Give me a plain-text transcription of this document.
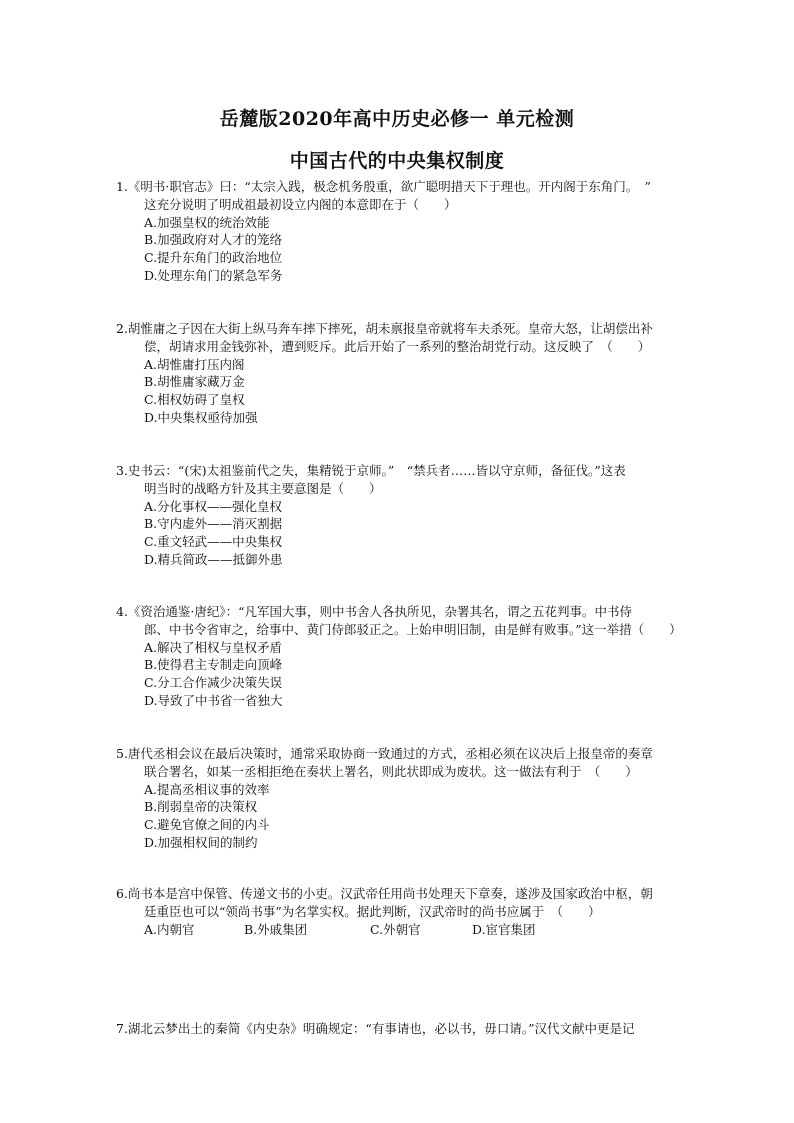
岳麓版2020年高中历史必修一 单元检测
中国古代的中央集权制度
1.《明书·职官志》曰：“太宗入践，极念机务殷重，欲广聪明措天下于理也。开内阁于东角门。　”
这充分说明了明成祖最初设立内阁的本意即在于（　　）
A.加强皇权的统治效能
B.加强政府对人才的笼络
C.提升东角门的政治地位
D.处理东角门的紧急军务
2.胡惟庸之子因在大街上纵马奔车摔下摔死，胡未禀报皇帝就将车夫杀死。皇帝大怒，让胡偿出补
偿，胡请求用金钱弥补，遭到贬斥。此后开始了一系列的整治胡党行动。这反映了　（　　）
A.胡惟庸打压内阁
B.胡惟庸家藏万金
C.相权妨碍了皇权
D.中央集权亟待加强
3.史书云：“(宋)太祖鉴前代之失，集精锐于京师。”　“禁兵者……皆以守京师，备征伐。”这表
明当时的战略方针及其主要意图是（　　）
A.分化事权——强化皇权
B.守内虚外——消灭割据
C.重文轻武——中央集权
D.精兵简政——抵御外患
4.《资治通鉴·唐纪》：“凡军国大事，则中书舍人各执所见，杂署其名，谓之五花判事。中书侍
郎、中书令省审之，给事中、黄门侍郎驳正之。上始申明旧制，由是鲜有败事。”这一举措（　　）
A.解决了相权与皇权矛盾
B.使得君主专制走向顶峰
C.分工合作减少决策失误
D.导致了中书省一省独大
5.唐代丞相会议在最后决策时，通常采取协商一致通过的方式，丞相必须在议决后上报皇帝的奏章
联合署名，如某一丞相拒绝在奏状上署名，则此状即成为废状。这一做法有利于　（　　）
A.提高丞相议事的效率
B.削弱皇帝的决策权
C.避免官僚之间的内斗
D.加强相权间的制约
6.尚书本是宫中保管、传递文书的小吏。汉武帝任用尚书处理天下章奏，遂涉及国家政治中枢，朝
廷重臣也可以“领尚书事”为名掌实权。据此判断，汉武帝时的尚书应属于　（　　）
A.内朝官	B.外戚集团	C.外朝官	D.宦官集团
7.湖北云梦出土的秦简《内史杂》明确规定：“有事请也，必以书，毋口请。”汉代文献中更是记
